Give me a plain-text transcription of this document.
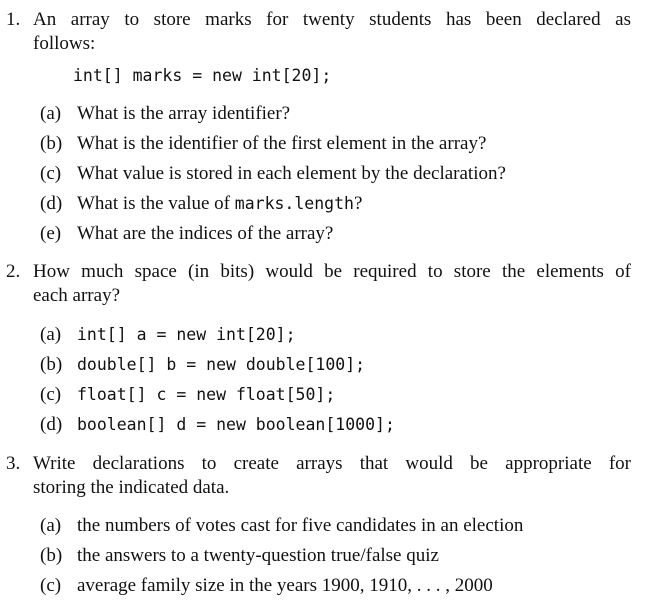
1. An array to store marks for twenty students has been declared as
follows:
int[] marks = new int[20];
(a) What is the array identifier?
(b) What is the identifier of the first element in the array?
(c) What value is stored in each element by the declaration?
(d) What is the value of marks.length?
(e) What are the indices of the array?
2. How much space (in bits) would be required to store the elements of
each array?
(a) int[] a = new int[20];
(b) double[] b = new double[100];
(c) float[] c = new float[50];
(d) boolean[] d = new boolean[1000];
3. Write declarations to create arrays that would be appropriate for
storing the indicated data.
(a) the numbers of votes cast for five candidates in an election
(b) the answers to a twenty-question true/false quiz
(c) average family size in the years 1900, 1910, . . . , 2000
